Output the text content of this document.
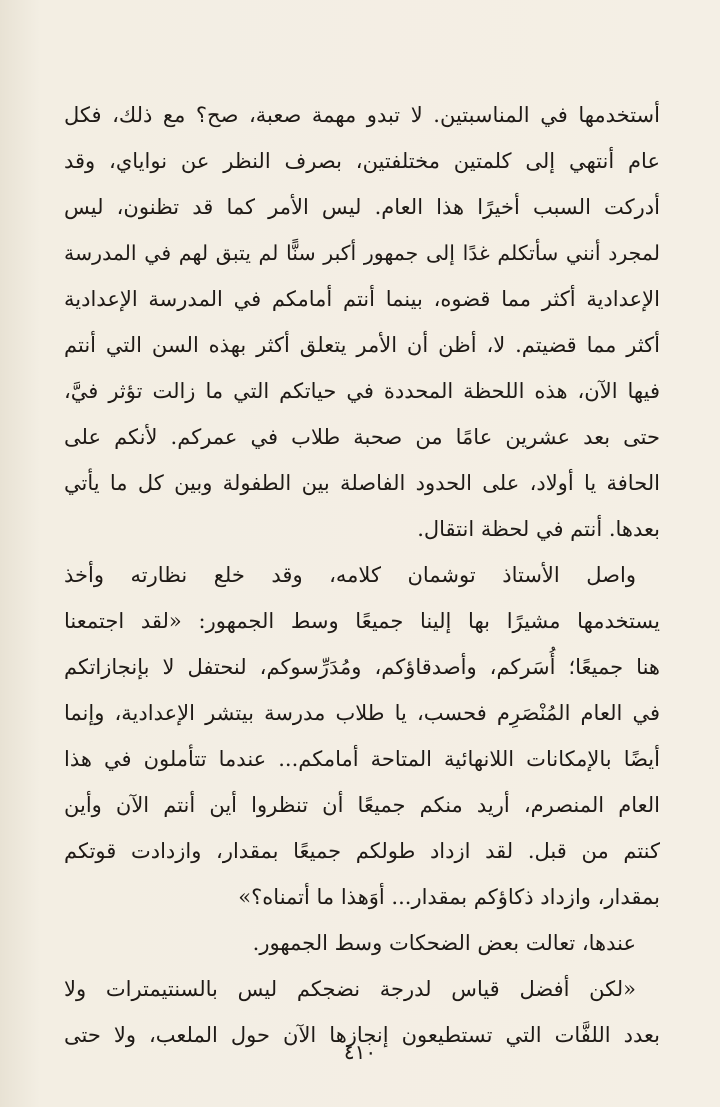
أستخدمها في المناسبتين. لا تبدو مهمة صعبة، صح؟ مع ذلك، فكل
عام أنتهي إلى كلمتين مختلفتين، بصرف النظر عن نواياي، وقد
أدركت السبب أخيرًا هذا العام. ليس الأمر كما قد تظنون، ليس
لمجرد أنني سأتكلم غدًا إلى جمهور أكبر سنًّا لم يتبق لهم في المدرسة
الإعدادية أكثر مما قضوه، بينما أنتم أمامكم في المدرسة الإعدادية
أكثر مما قضيتم. لا، أظن أن الأمر يتعلق أكثر بهذه السن التي أنتم
فيها الآن، هذه اللحظة المحددة في حياتكم التي ما زالت تؤثر فيَّ،
حتى بعد عشرين عامًا من صحبة طلاب في عمركم. لأنكم على
الحافة يا أولاد، على الحدود الفاصلة بين الطفولة وبين كل ما يأتي
بعدها. أنتم في لحظة انتقال.
واصل الأستاذ توشمان كلامه، وقد خلع نظارته وأخذ
يستخدمها مشيرًا بها إلينا جميعًا وسط الجمهور: «لقد اجتمعنا
هنا جميعًا؛ أُسَركم، وأصدقاؤكم، ومُدَرِّسوكم، لنحتفل لا بإنجازاتكم
في العام المُنْصَرِم فحسب، يا طلاب مدرسة بيتشر الإعدادية، وإنما
أيضًا بالإمكانات اللانهائية المتاحة أمامكم... عندما تتأملون في هذا
العام المنصرم، أريد منكم جميعًا أن تنظروا أين أنتم الآن وأين
كنتم من قبل. لقد ازداد طولكم جميعًا بمقدار، وازدادت قوتكم
بمقدار، وازداد ذكاؤكم بمقدار... أوَهذا ما أتمناه؟»
عندها، تعالت بعض الضحكات وسط الجمهور.
«لكن أفضل قياس لدرجة نضجكم ليس بالسنتيمترات ولا
بعدد اللفَّات التي تستطيعون إنجازها الآن حول الملعب، ولا حتى
٤١٠
